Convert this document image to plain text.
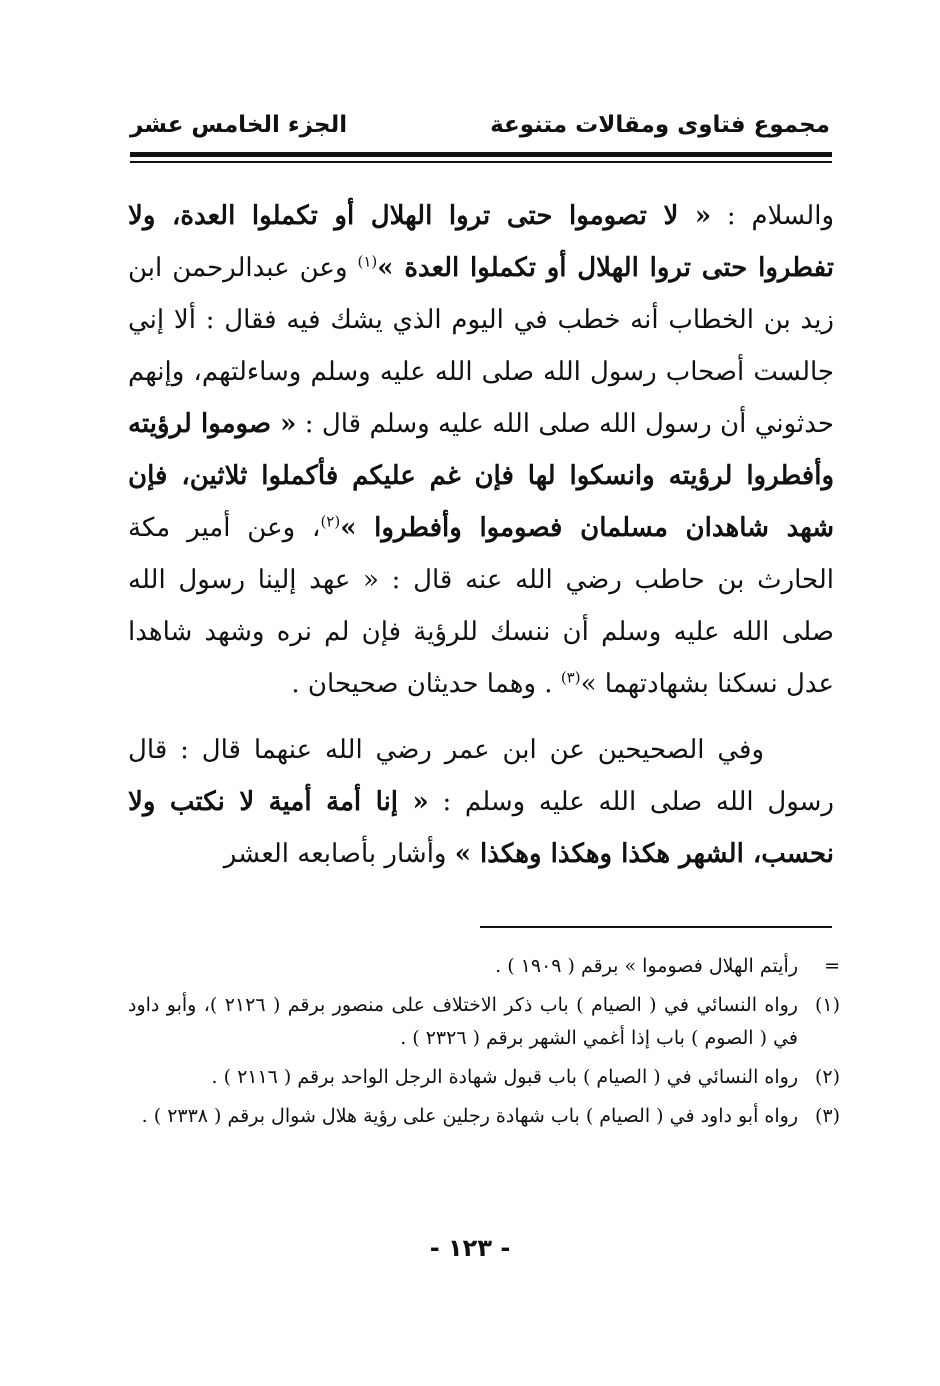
مجموع فتاوى ومقالات متنوعة
الجزء الخامس عشر

والسلام : « لا تصوموا حتى تروا الهلال أو تكملوا العدة، ولا تفطروا حتى تروا الهلال أو تكملوا العدة »$^{(١)}$ وعن عبدالرحمن ابن زيد بن الخطاب أنه خطب في اليوم الذي يشك فيه فقال : ألا إني جالست أصحاب رسول الله صلى الله عليه وسلم وساءلتهم، وإنهم حدثوني أن رسول الله صلى الله عليه وسلم قال : « صوموا لرؤيته وأفطروا لرؤيته وانسكوا لها فإن غم عليكم فأكملوا ثلاثين، فإن شهد شاهدان مسلمان فصوموا وأفطروا »$^{(٢)}$، وعن أمير مكة الحارث بن حاطب رضي الله عنه قال : « عهد إلينا رسول الله صلى الله عليه وسلم أن ننسك للرؤية فإن لم نره وشهد شاهدا عدل نسكنا بشهادتهما »$^{(٣)}$ . وهما حديثان صحيحان .

وفي الصحيحين عن ابن عمر رضي الله عنهما قال : قال رسول الله صلى الله عليه وسلم : « إنا أمة أمية لا نكتب ولا نحسب، الشهر هكذا وهكذا وهكذا » وأشار بأصابعه العشر

=
رأيتم الهلال فصوموا » برقم ( ١٩٠٩ ) .
(١)
رواه النسائي في ( الصيام ) باب ذكر الاختلاف على منصور برقم ( ٢١٢٦ )، وأبو داود في ( الصوم ) باب إذا أغمي الشهر برقم ( ٢٣٢٦ ) .
(٢)
رواه النسائي في ( الصيام ) باب قبول شهادة الرجل الواحد برقم ( ٢١١٦ ) .
(٣)
رواه أبو داود في ( الصيام ) باب شهادة رجلين على رؤية هلال شوال برقم ( ٢٣٣٨ ) .
- ١٢٣ -
